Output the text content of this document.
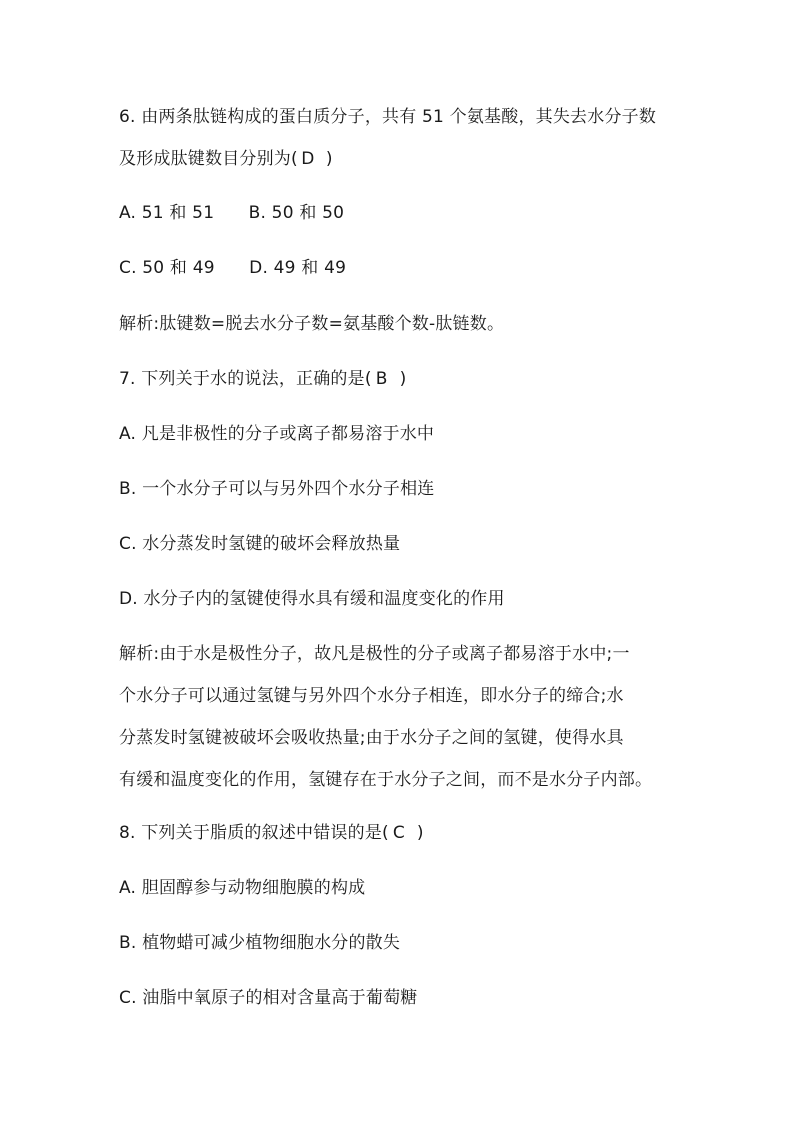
6. 由两条肽链构成的蛋白质分子，共有 51 个氨基酸，其失去水分子数
及形成肽键数目分别为( D )
A. 51 和 51　　B. 50 和 50
C. 50 和 49　　D. 49 和 49
解析:肽键数=脱去水分子数=氨基酸个数-肽链数。
7. 下列关于水的说法，正确的是( B )
A. 凡是非极性的分子或离子都易溶于水中
B. 一个水分子可以与另外四个水分子相连
C. 水分蒸发时氢键的破坏会释放热量
D. 水分子内的氢键使得水具有缓和温度变化的作用
解析:由于水是极性分子，故凡是极性的分子或离子都易溶于水中;一
个水分子可以通过氢键与另外四个水分子相连，即水分子的缔合;水
分蒸发时氢键被破坏会吸收热量;由于水分子之间的氢键，使得水具
有缓和温度变化的作用，氢键存在于水分子之间，而不是水分子内部。
8. 下列关于脂质的叙述中错误的是( C )
A. 胆固醇参与动物细胞膜的构成
B. 植物蜡可减少植物细胞水分的散失
C. 油脂中氧原子的相对含量高于葡萄糖
